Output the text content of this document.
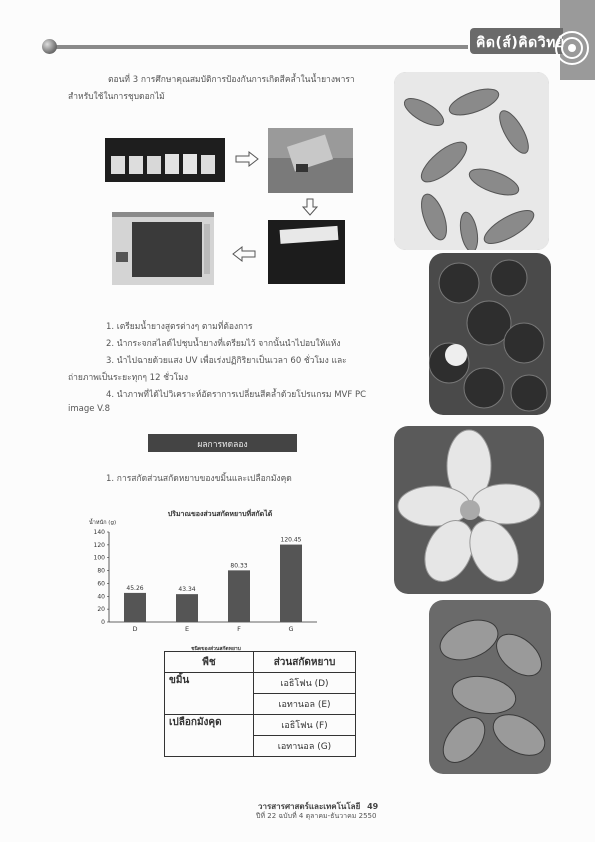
คิด(ส์)คิดวิทย์
ตอนที่ 3 การศึกษาคุณสมบัติการป้องกันการเกิดสีคล้ำในน้ำยางพารา
สำหรับใช้ในการชุบดอกไม้
1. เตรียมน้ำยางสูตรต่างๆ ตามที่ต้องการ
2. นำกระจกสไลด์ไปชุบน้ำยางที่เตรียมไว้ จากนั้นนำไปอบให้แห้ง
3. นำไปฉายด้วยแสง UV เพื่อเร่งปฏิกิริยาเป็นเวลา 60 ชั่วโมง และ
ถ่ายภาพเป็นระยะทุกๆ 12 ชั่วโมง
4. นำภาพที่ได้ไปวิเคราะห์อัตราการเปลี่ยนสีคล้ำด้วยโปรแกรม MVF PC
image V.8
ผลการทดลอง
1. การสกัดส่วนสกัดหยาบของขมิ้นและเปลือกมังคุด
ปริมาณของส่วนสกัดหยาบที่สกัดได้
น้ำหนัก (g)
ชนิดของส่วนสกัดหยาบ
0
20
40
60
80
100
120
140
45.26
D
43.34
E
80.33
F
120.45
G
พืช	ส่วนสกัดหยาบ
ขมิ้น	เอธิโฟน (D)
	เอทานอล (E)
เปลือกมังคุด	เอธิโฟน (F)
	เอทานอล (G)
วารสารศาสตร์และเทคโนโลยี 49
ปีที่ 22 ฉบับที่ 4 ตุลาคม-ธันวาคม 2550
